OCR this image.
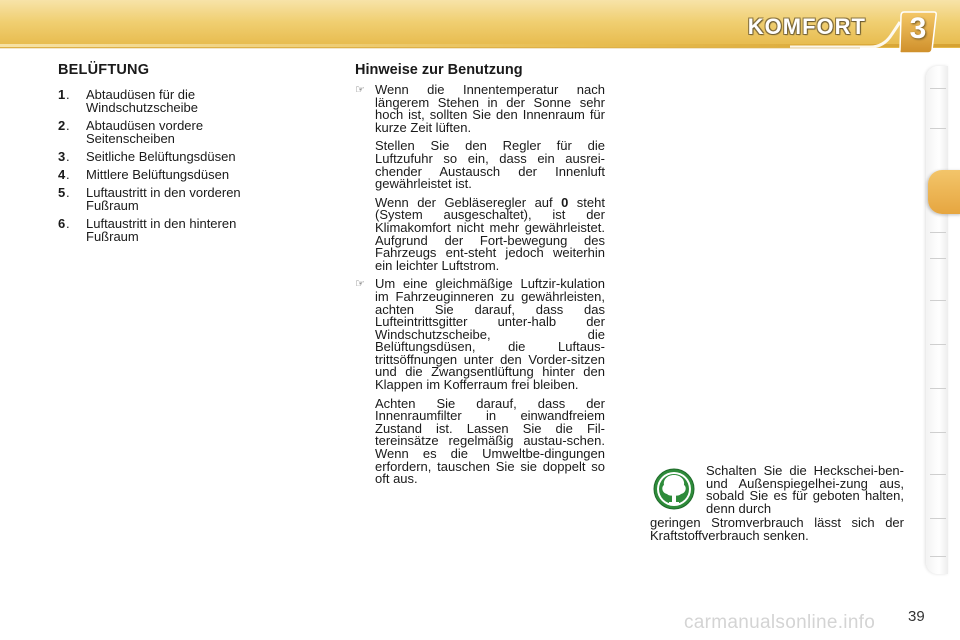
KOMFORT	3
BELÜFTUNG
1 . Abtaudüsen für die Windschutzscheibe
2 . Abtaudüsen vordere Seitenscheiben
3 . Seitliche Belüftungsdüsen
4 . Mittlere Belüftungsdüsen
5 . Luftaustritt in den vorderen Fußraum
6 . Luftaustritt in den hinteren Fußraum
Hinweise zur Benutzung
☞ Wenn die Innentemperatur nach längerem Stehen in der Sonne sehr hoch ist, sollten Sie den Innenraum für kurze Zeit lüften.
Stellen Sie den Regler für die Luftzufuhr so ein, dass ein ausrei-chender Austausch der Innenluft gewährleistet ist.
Wenn der Gebläseregler auf 0 steht (System ausgeschaltet), ist der Klimakomfort nicht mehr gewährleistet. Aufgrund der Fort-bewegung des Fahrzeugs ent-steht jedoch weiterhin ein leichter Luftstrom.
☞ Um eine gleichmäßige Luftzir-kulation im Fahrzeuginneren zu gewährleisten, achten Sie darauf, dass das Lufteintrittsgitter unter-halb der Windschutzscheibe, die Belüftungsdüsen, die Luftaus-trittsöffnungen unter den Vorder-sitzen und die Zwangsentlüftung hinter den Klappen im Kofferraum frei bleiben.
Achten Sie darauf, dass der Innenraumfilter in einwandfreiem Zustand ist. Lassen Sie die Fil-tereinsätze regelmäßig austau-schen. Wenn es die Umweltbe-dingungen erfordern, tauschen Sie sie doppelt so oft aus.
Schalten Sie die Heckschei-ben- und Außenspiegelhei-zung aus, sobald Sie es für geboten halten, denn durch
geringen Stromverbrauch lässt sich der Kraftstoffverbrauch senken.
carmanualsonline.info 39
